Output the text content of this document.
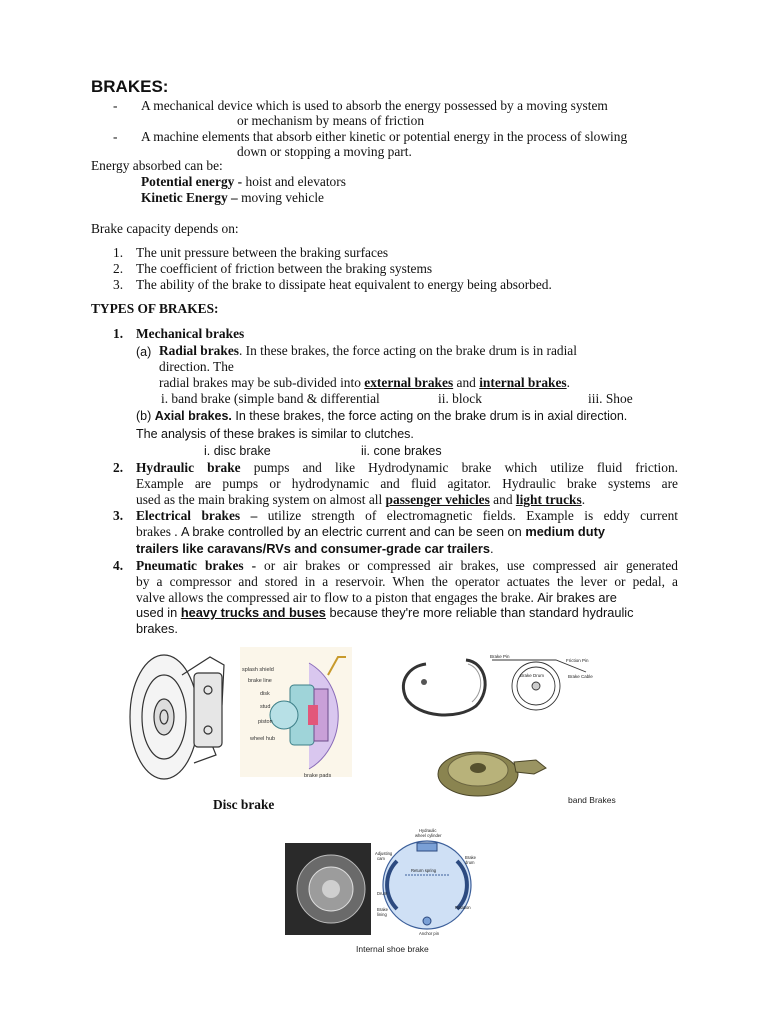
BRAKES:
- A mechanical device which is used to absorb the energy possessed by a moving system
or mechanism by means of friction
- A machine elements that absorb either kinetic or potential energy in the process of slowing
down or stopping a moving part.
Energy absorbed can be:
Potential energy - hoist and elevators
Kinetic Energy – moving vehicle
Brake capacity depends on:
1. The unit pressure between the braking surfaces
2. The coefficient of friction between the braking systems
3. The ability of the brake to dissipate heat equivalent to energy being absorbed.
TYPES OF BRAKES:
1. Mechanical brakes
(a) Radial brakes. In these brakes, the force acting on the brake drum is in radial
direction. The
radial brakes may be sub-divided into external brakes and internal brakes.
i. band brake (simple band & differential	ii. block	iii. Shoe
(b) Axial brakes. In these brakes, the force acting on the brake drum is in axial direction.
The analysis of these brakes is similar to clutches.
i. disc brake	ii. cone brakes
2. Hydraulic brake pumps and like Hydrodynamic brake which utilize fluid friction.
Example are pumps or hydrodynamic and fluid agitator. Hydraulic brake systems are
used as the main braking system on almost all passenger vehicles and light trucks.
3. Electrical brakes – utilize strength of electromagnetic fields. Example is eddy current
brakes . A brake controlled by an electric current and can be seen on medium duty
trailers like caravans/RVs and consumer-grade car trailers.
4. Pneumatic brakes - or air brakes or compressed air brakes, use compressed air generated
by a compressor and stored in a reservoir. When the operator actuates the lever or pedal, a
valve allows the compressed air to flow to a piston that engages the brake. Air brakes are
used in heavy trucks and buses because they're more reliable than standard hydraulic
brakes.
splash shield
brake line
disk
stud
piston
wheel hub
brake pads
Disc brake
Brake Pin
Friction Pin
Brake Drum	Brake Cable
band Brakes
Hydraulic
wheel cylinder
Adjusting
cam	Brake
drum
Return spring
Drum
Brake
lining
Anchor pin
Rotation
Internal shoe brake
